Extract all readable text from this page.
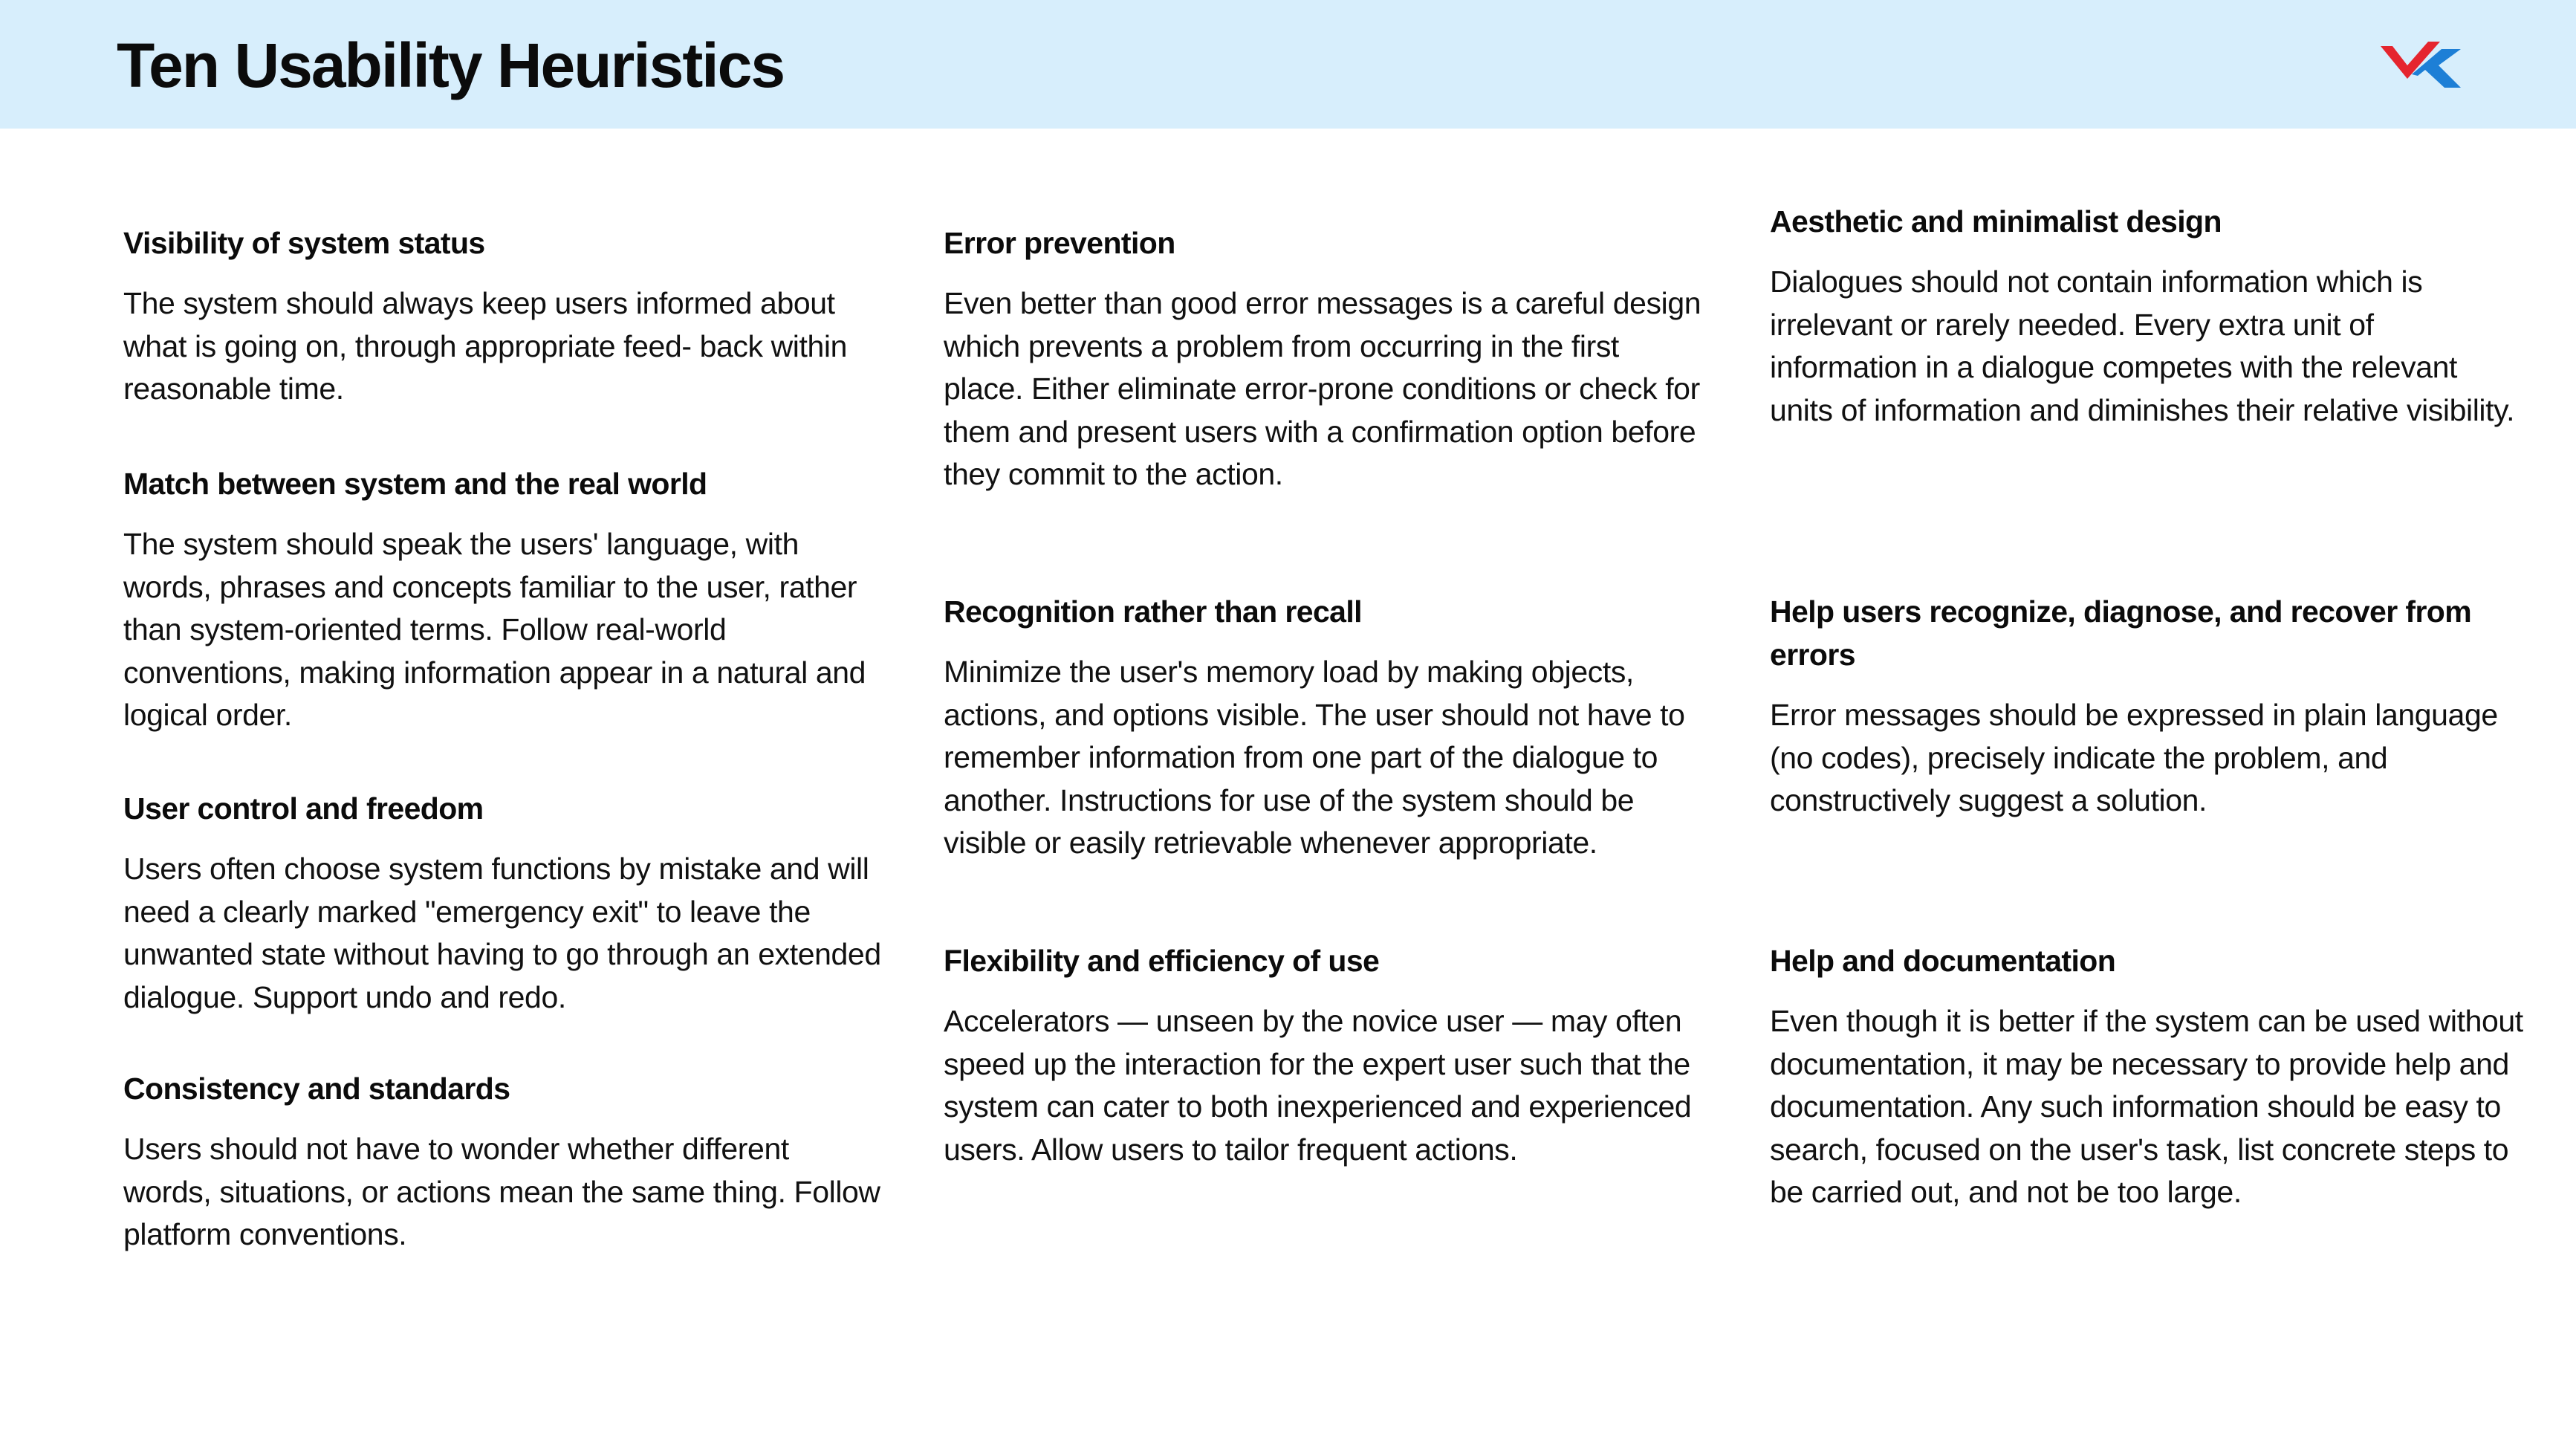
Ten Usability Heuristics
Visibility of system status

The system should always keep users informed about what is going on, through appropriate feed- back within reasonable time.

Match between system and the real world

The system should speak the users' language, with words, phrases and concepts familiar to the user, rather than system-oriented terms. Follow real-world conventions, making information appear in a natural and logical order.

User control and freedom

Users often choose system functions by mistake and will need a clearly marked "emergency exit" to leave the unwanted state without having to go through an extended dialogue. Support undo and redo.

Consistency and standards

Users should not have to wonder whether different words, situations, or actions mean the same thing. Follow platform conventions.

Error prevention

Even better than good error messages is a careful design which prevents a problem from occurring in the first place. Either eliminate error-prone conditions or check for them and present users with a confirmation option before they commit to the action.

Recognition rather than recall

Minimize the user's memory load by making objects, actions, and options visible. The user should not have to remember information from one part of the dialogue to another. Instructions for use of the system should be visible or easily retrievable whenever appropriate.

Flexibility and efficiency of use

Accelerators — unseen by the novice user — may often speed up the interaction for the expert user such that the system can cater to both inexperienced and experienced users. Allow users to tailor frequent actions.

Aesthetic and minimalist design

Dialogues should not contain information which is irrelevant or rarely needed. Every extra unit of information in a dialogue competes with the relevant units of information and diminishes their relative visibility.

Help users recognize, diagnose, and recover from errors

Error messages should be expressed in plain language (no codes), precisely indicate the problem, and constructively suggest a solution.

Help and documentation

Even though it is better if the system can be used without documentation, it may be necessary to provide help and documentation. Any such information should be easy to search, focused on the user's task, list concrete steps to be carried out, and not be too large.
